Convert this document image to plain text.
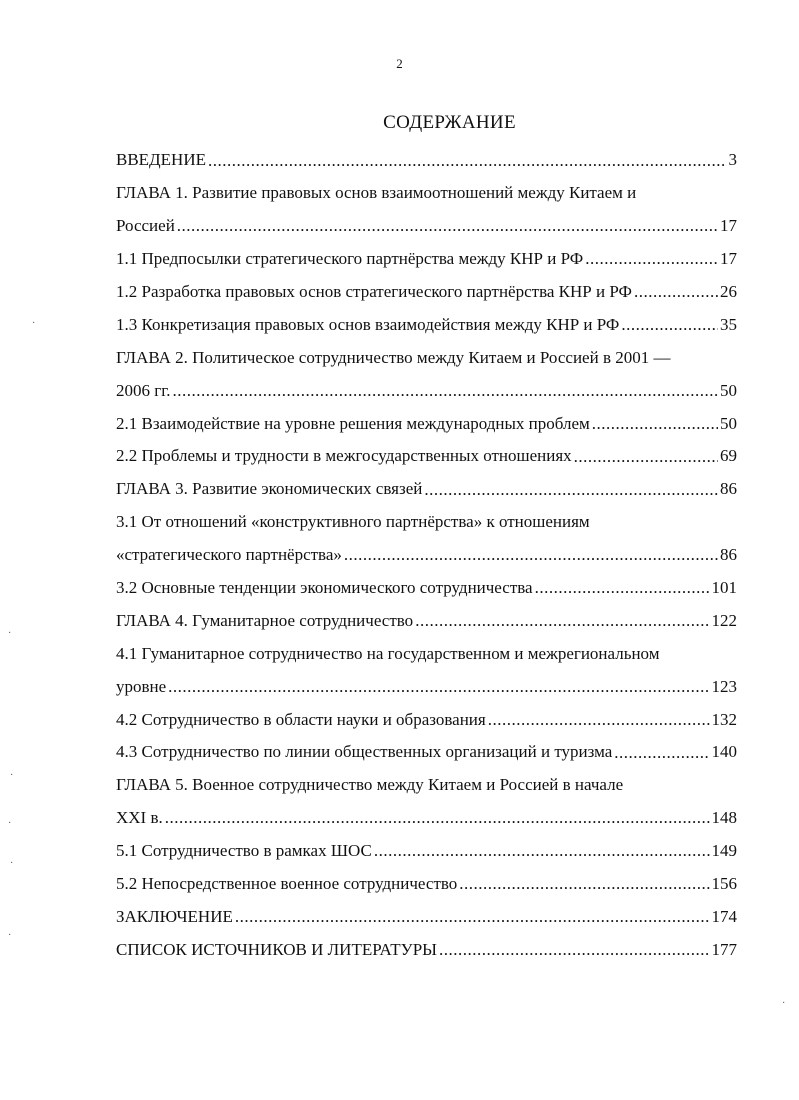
2
СОДЕРЖАНИЕ
ВВЕДЕНИЕ .....	3
ГЛАВА 1. Развитие правовых основ взаимоотношений между Китаем и
Россией .....	17
1.1 Предпосылки стратегического партнёрства между КНР и РФ .....	17
1.2 Разработка правовых основ стратегического партнёрства КНР и РФ .....	26
1.3 Конкретизация правовых основ взаимодействия между КНР и РФ .....	35
ГЛАВА 2. Политическое сотрудничество между Китаем и Россией в 2001 —
2006 гг. .....	50
2.1 Взаимодействие на уровне решения международных проблем .....	50
2.2 Проблемы и трудности в межгосударственных отношениях .....	69
ГЛАВА 3. Развитие экономических связей .....	86
3.1 От отношений «конструктивного партнёрства» к отношениям
«стратегического партнёрства» .....	86
3.2 Основные тенденции экономического сотрудничества .....	101
ГЛАВА 4. Гуманитарное сотрудничество .....	122
4.1 Гуманитарное сотрудничество на государственном и межрегиональном
уровне .....	123
4.2 Сотрудничество в области науки и образования .....	132
4.3 Сотрудничество по линии общественных организаций и туризма .....	140
ГЛАВА 5. Военное сотрудничество между Китаем и Россией в начале
XXI в. .....	148
5.1 Сотрудничество в рамках ШОС .....	149
5.2 Непосредственное военное сотрудничество .....	156
ЗАКЛЮЧЕНИЕ .....	174
СПИСОК ИСТОЧНИКОВ И ЛИТЕРАТУРЫ .....	177
·
·
·
·
·
·
·
